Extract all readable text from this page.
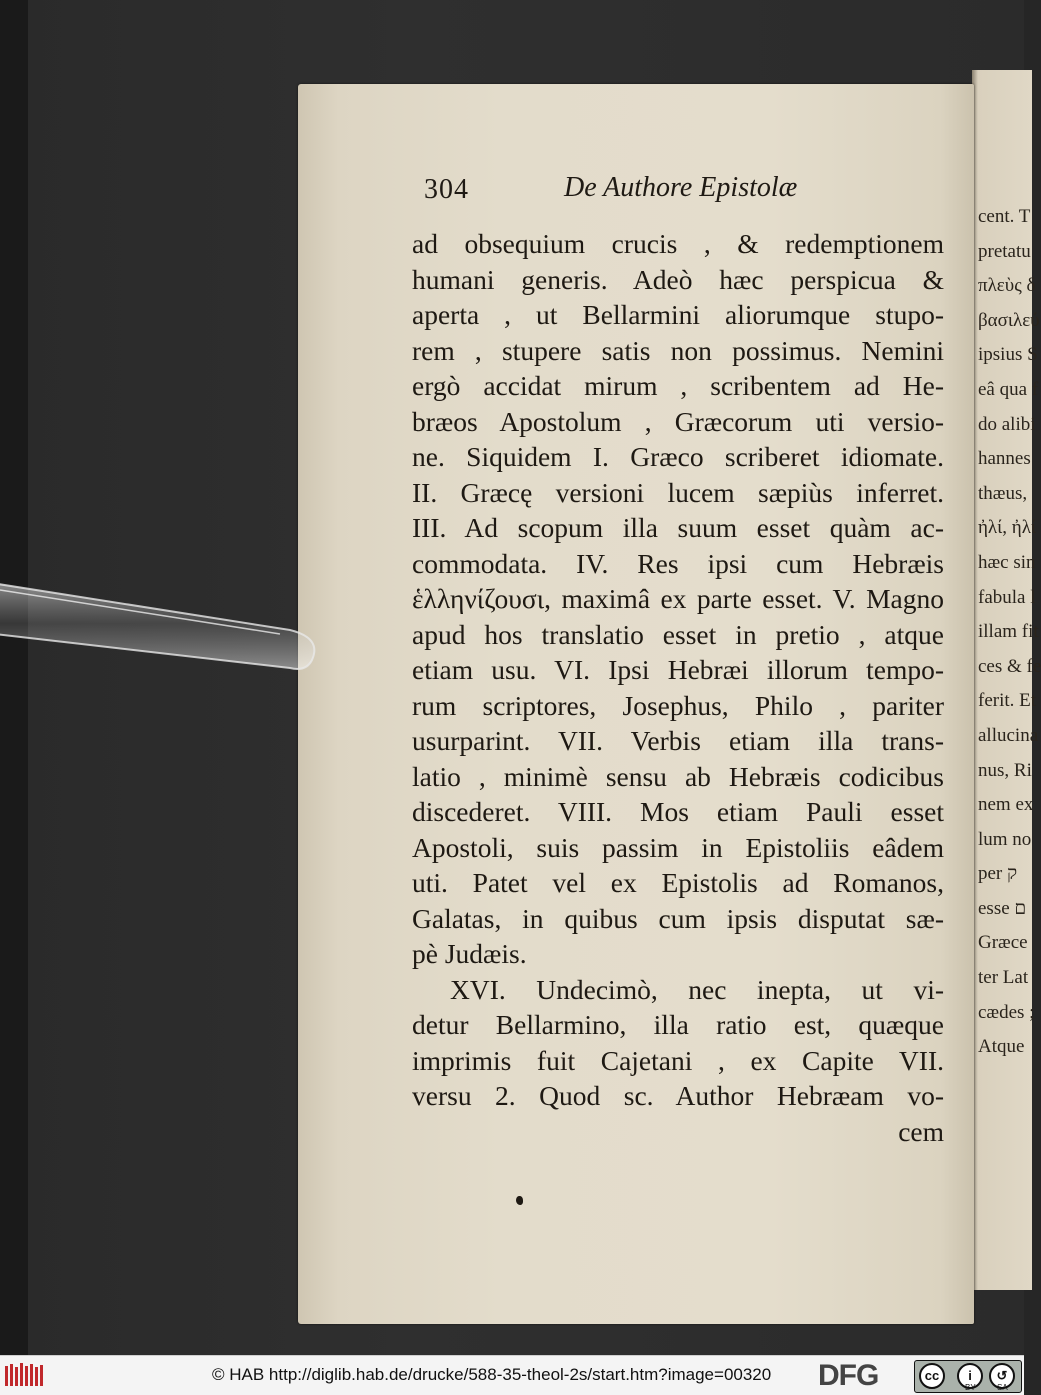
cent. T
pretatu
πλεὺς δ
βασιλεύ
ipsius S
eâ qua f
do alibi
hannes
thæus,
ἠλί, ἠλί
hæc sin
fabula l
illam fit
ces & fe
ferit. Et
allucina
nus, Ri
nem ex
lum no
per ק
esse ם
Græce
ter Lat
cædes ;
Atque
304	De Authore Epistolæ
ad obsequium crucis , & redemptionem
humani generis. Adeò hæc perspicua &
aperta , ut Bellarmini aliorumque stupo-
rem , stupere satis non possimus. Nemini
ergò accidat mirum , scribentem ad He-
bræos Apostolum , Græcorum uti versio-
ne. Siquidem I. Græco scriberet idiomate.
II. Græcę versioni lucem sæpiùs inferret.
III. Ad scopum illa suum esset quàm ac-
commodata. IV. Res ipsi cum Hebræis
ἑλληνίζουσι, maximâ ex parte esset. V. Magno
apud hos translatio esset in pretio , atque
etiam usu. VI. Ipsi Hebræi illorum tempo-
rum scriptores, Josephus, Philo , pariter
usurparint. VII. Verbis etiam illa trans-
latio , minimè sensu ab Hebræis codicibus
discederet. VIII. Mos etiam Pauli esset
Apostoli, suis passim in Epistoliis eâdem
uti. Patet vel ex Epistolis ad Romanos,
Galatas, in quibus cum ipsis disputat sæ-
pè Judæis.
XVI. Undecimò, nec inepta, ut vi-
detur Bellarmino, illa ratio est, quæque
imprimis fuit Cajetani , ex Capite VII.
versu 2. Quod sc. Author Hebræam vo-
cem
© HAB http://diglib.hab.de/drucke/588-35-theol-2s/start.htm?image=00320 DFG	cc	i	↺
BY	SA
